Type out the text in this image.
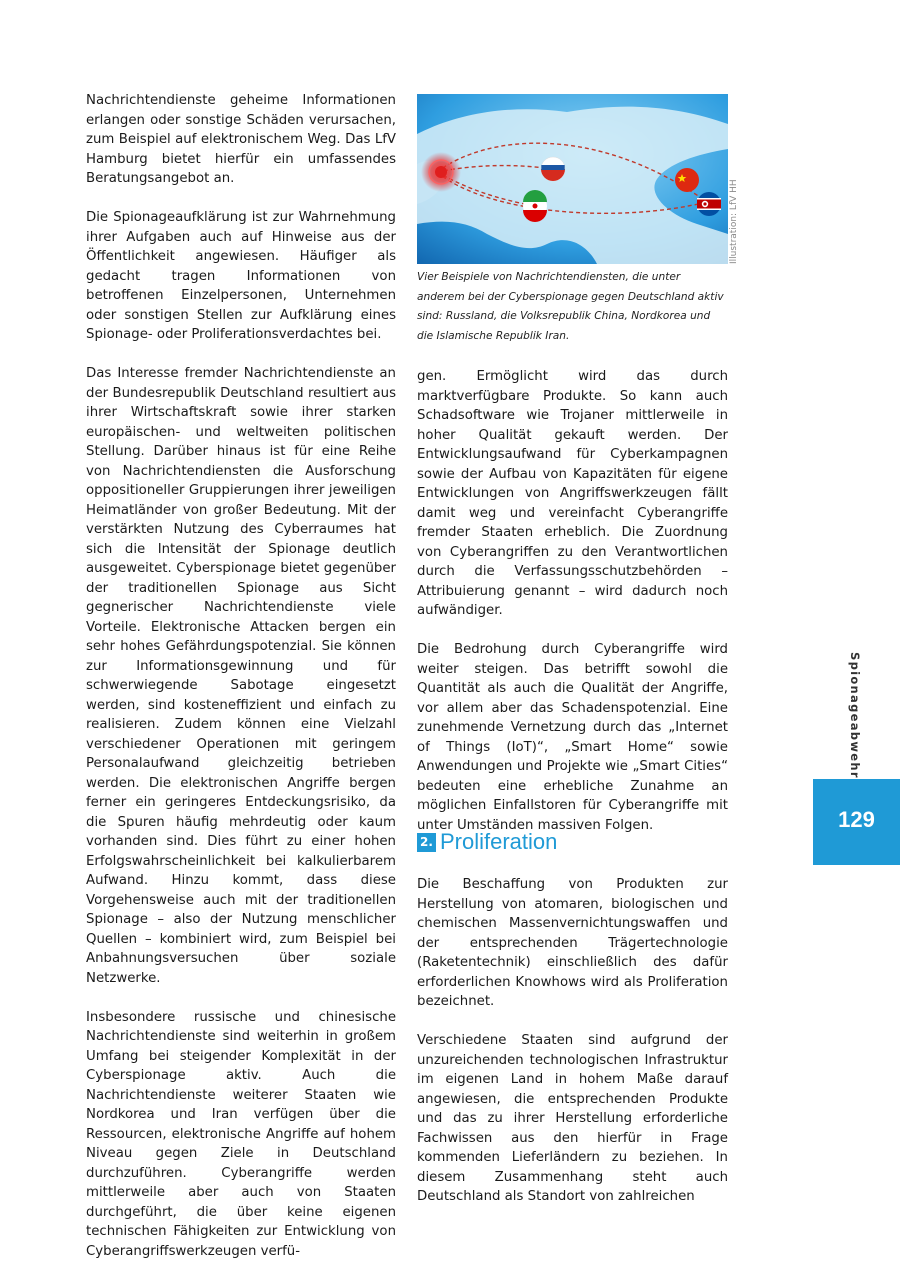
Nachrichtendienste geheime Informationen erlangen oder sonstige Schäden verursachen, zum Beispiel auf elektronischem Weg. Das LfV Hamburg bietet hierfür ein umfassendes Beratungsangebot an.

Die Spionageaufklärung ist zur Wahrnehmung ihrer Aufgaben auch auf Hinweise aus der Öffentlichkeit angewiesen. Häufiger als gedacht tragen Informationen von betroffenen Einzelpersonen, Unternehmen oder sonstigen Stellen zur Aufklärung eines Spionage- oder Proliferationsverdachtes bei.

Das Interesse fremder Nachrichtendienste an der Bundesrepublik Deutschland resultiert aus ihrer Wirtschaftskraft sowie ihrer starken europäischen- und weltweiten politischen Stellung. Darüber hinaus ist für eine Reihe von Nachrichtendiensten die Ausforschung oppositioneller Gruppierungen ihrer jeweiligen Heimatländer von großer Bedeutung. Mit der verstärkten Nutzung des Cyberraumes hat sich die Intensität der Spionage deutlich ausgeweitet. Cyberspionage bietet gegenüber der traditionellen Spionage aus Sicht gegnerischer Nachrichtendienste viele Vorteile. Elektronische Attacken bergen ein sehr hohes Gefährdungspotenzial. Sie können zur Informationsgewinnung und für schwerwiegende Sabotage eingesetzt werden, sind kosteneffizient und einfach zu realisieren. Zudem können eine Vielzahl verschiedener Operationen mit geringem Personalaufwand gleichzeitig betrieben werden. Die elektronischen Angriffe bergen ferner ein geringeres Entdeckungsrisiko, da die Spuren häufig mehrdeutig oder kaum vorhanden sind. Dies führt zu einer hohen Erfolgswahrscheinlichkeit bei kalkulierbarem Aufwand. Hinzu kommt, dass diese Vorgehensweise auch mit der traditionellen Spionage – also der Nutzung menschlicher Quellen – kombiniert wird, zum Beispiel bei Anbahnungsversuchen über soziale Netzwerke.

Insbesondere russische und chinesische Nachrichtendienste sind weiterhin in großem Umfang bei steigender Komplexität in der Cyberspionage aktiv. Auch die Nachrichtendienste weiterer Staaten wie Nordkorea und Iran verfügen über die Ressourcen, elektronische Angriffe auf hohem Niveau gegen Ziele in Deutschland durchzuführen. Cyberangriffe werden mittlerweile aber auch von Staaten durchgeführt, die über keine eigenen technischen Fähigkeiten zur Entwicklung von Cyberangriffswerkzeugen verfü-

Illustration: LfV HH
Vier Beispiele von Nachrichtendiensten, die unter anderem bei der Cyberspionage gegen Deutschland aktiv sind: Russland, die Volksrepublik China, Nordkorea und die Islamische Republik Iran.

gen. Ermöglicht wird das durch marktverfügbare Produkte. So kann auch Schadsoftware wie Trojaner mittlerweile in hoher Qualität gekauft werden. Der Entwicklungsaufwand für Cyberkampagnen sowie der Aufbau von Kapazitäten für eigene Entwicklungen von Angriffswerkzeugen fällt damit weg und vereinfacht Cyberangriffe fremder Staaten erheblich. Die Zuordnung von Cyberangriffen zu den Verantwortlichen durch die Verfassungsschutzbehörden – Attribuierung genannt – wird dadurch noch aufwändiger.

Die Bedrohung durch Cyberangriffe wird weiter steigen. Das betrifft sowohl die Quantität als auch die Qualität der Angriffe, vor allem aber das Schadenspotenzial. Eine zunehmende Vernetzung durch das „Internet of Things (IoT)“, „Smart Home“ sowie Anwendungen und Projekte wie „Smart Cities“ bedeuten eine erhebliche Zunahme an möglichen Einfallstoren für Cyberangriffe mit unter Umständen massiven Folgen.

2. Proliferation

Die Beschaffung von Produkten zur Herstellung von atomaren, biologischen und chemischen Massenvernichtungswaffen und der entsprechenden Trägertechnologie (Raketentechnik) einschließlich des dafür erforderlichen Knowhows wird als Proliferation bezeichnet.

Verschiedene Staaten sind aufgrund der unzureichenden technologischen Infrastruktur im eigenen Land in hohem Maße darauf angewiesen, die entsprechenden Produkte und das zu ihrer Herstellung erforderliche Fachwissen aus den hierfür in Frage kommenden Lieferländern zu beziehen. In diesem Zusammenhang steht auch Deutschland als Standort von zahlreichen

Spionageabwehr
129
